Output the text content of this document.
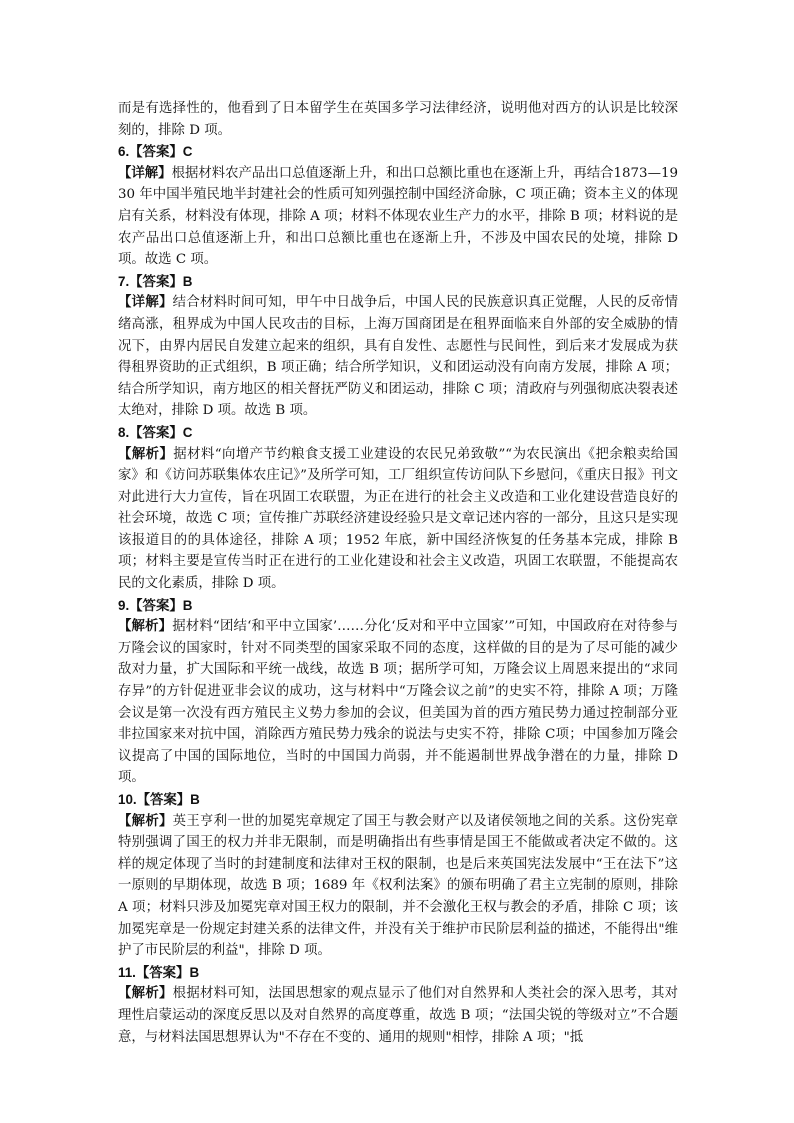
而是有选择性的，他看到了日本留学生在英国多学习法律经济，说明他对西方的认识是比较深刻的，排除 D 项。

6.【答案】C

【详解】根据材料农产品出口总值逐渐上升，和出口总额比重也在逐渐上升，再结合1873—1930 年中国半殖民地半封建社会的性质可知列强控制中国经济命脉，C 项正确；资本主义的体现启有关系，材料没有体现，排除 A 项；材料不体现农业生产力的水平，排除 B 项；材料说的是农产品出口总值逐渐上升，和出口总额比重也在逐渐上升，不涉及中国农民的处境，排除 D 项。故选 C 项。

7.【答案】B

【详解】结合材料时间可知，甲午中日战争后，中国人民的民族意识真正觉醒，人民的反帝情绪高涨，租界成为中国人民攻击的目标，上海万国商团是在租界面临来自外部的安全威胁的情况下，由界内居民自发建立起来的组织，具有自发性、志愿性与民间性，到后来才发展成为获得租界资助的正式组织，B 项正确；结合所学知识，义和团运动没有向南方发展，排除 A 项；结合所学知识，南方地区的相关督抚严防义和团运动，排除 C 项；清政府与列强彻底决裂表述太绝对，排除 D 项。故选 B 项。

8.【答案】C

【解析】据材料“向增产节约粮食支援工业建设的农民兄弟致敬”“为农民演出《把余粮卖给国家》和《访问苏联集体农庄记》”及所学可知，工厂组织宣传访问队下乡慰问，《重庆日报》刊文对此进行大力宣传，旨在巩固工农联盟，为正在进行的社会主义改造和工业化建设营造良好的社会环境，故选 C 项；宣传推广苏联经济建设经验只是文章记述内容的一部分，且这只是实现该报道目的的具体途径，排除 A 项；1952 年底，新中国经济恢复的任务基本完成，排除 B 项；材料主要是宣传当时正在进行的工业化建设和社会主义改造，巩固工农联盟，不能提高农民的文化素质，排除 D 项。

9.【答案】B

【解析】据材料“团结‘和平中立国家’……分化‘反对和平中立国家’”可知，中国政府在对待参与万隆会议的国家时，针对不同类型的国家采取不同的态度，这样做的目的是为了尽可能的减少敌对力量，扩大国际和平统一战线，故选 B 项；据所学可知，万隆会议上周恩来提出的“求同存异”的方针促进亚非会议的成功，这与材料中“万隆会议之前”的史实不符，排除 A 项；万隆会议是第一次没有西方殖民主义势力参加的会议，但美国为首的西方殖民势力通过控制部分亚非拉国家来对抗中国，消除西方殖民势力残余的说法与史实不符，排除 C项；中国参加万隆会议提高了中国的国际地位，当时的中国国力尚弱，并不能遏制世界战争潜在的力量，排除 D 项。

10.【答案】B

【解析】英王亨利一世的加冕宪章规定了国王与教会财产以及诸侯领地之间的关系。这份宪章特别强调了国王的权力并非无限制，而是明确指出有些事情是国王不能做或者决定不做的。这样的规定体现了当时的封建制度和法律对王权的限制，也是后来英国宪法发展中“王在法下”这一原则的早期体现，故选 B 项；1689 年《权利法案》的颁布明确了君主立宪制的原则，排除 A 项；材料只涉及加冕宪章对国王权力的限制，并不会激化王权与教会的矛盾，排除 C 项；该加冕宪章是一份规定封建关系的法律文件，并没有关于维护市民阶层利益的描述，不能得出"维护了市民阶层的利益"，排除 D 项。

11.【答案】B

【解析】根据材料可知，法国思想家的观点显示了他们对自然界和人类社会的深入思考，其对理性启蒙运动的深度反思以及对自然界的高度尊重，故选 B 项；“法国尖锐的等级对立”不合题意，与材料法国思想界认为"不存在不变的、通用的规则"相悖，排除 A 项；"抵
